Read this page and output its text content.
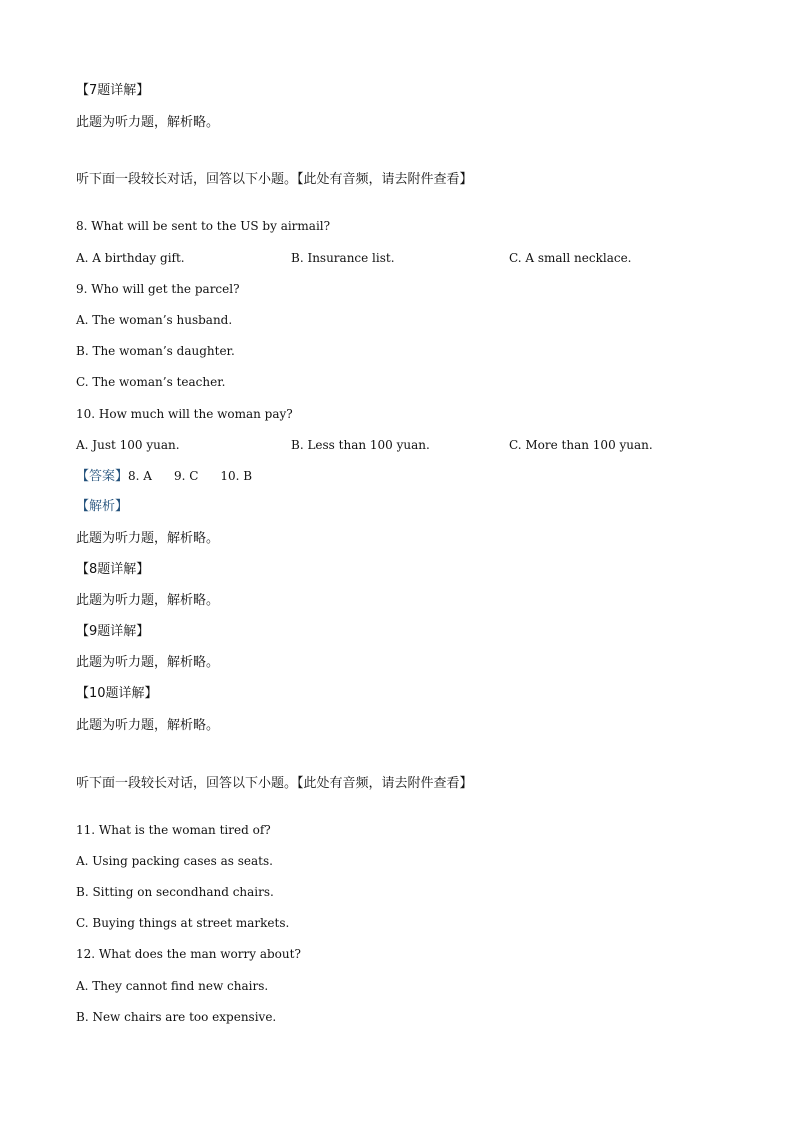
【7题详解】
此题为听力题，解析略。
听下面一段较长对话，回答以下小题。【此处有音频，请去附件查看】
8. What will be sent to the US by airmail?
A. A birthday gift.	B. Insurance list.	C. A small necklace.
9. Who will get the parcel?
A. The woman’s husband.
B. The woman’s daughter.
C. The woman’s teacher.
10. How much will the woman pay?
A. Just 100 yuan.	B. Less than 100 yuan.	C. More than 100 yuan.
【答案】8. A 9. C 10. B
【解析】
此题为听力题，解析略。
【8题详解】
此题为听力题，解析略。
【9题详解】
此题为听力题，解析略。
【10题详解】
此题为听力题，解析略。
听下面一段较长对话，回答以下小题。【此处有音频，请去附件查看】
11. What is the woman tired of?
A. Using packing cases as seats.
B. Sitting on secondhand chairs.
C. Buying things at street markets.
12. What does the man worry about?
A. They cannot find new chairs.
B. New chairs are too expensive.
